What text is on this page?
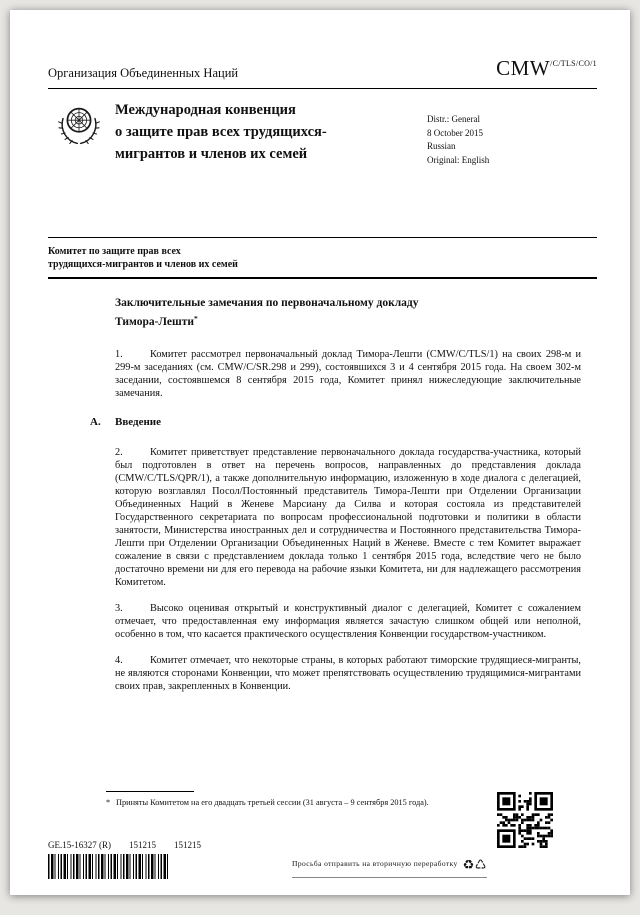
Организация Объединенных Наций	$CMW^{/C/TLS/CO/1}$
Международная конвенция
о защите прав всех трудящихся-
мигрантов и членов их семей
Distr.: General
8 October 2015
Russian
Original: English
Комитет по защите прав всех
трудящихся-мигрантов и членов их семей
Заключительные замечания по первоначальному докладу
Тимора-Лешти*

1.	Комитет рассмотрел первоначальный доклад Тимора-Лешти (CMW/C/TLS/1) на своих 298-м и 299-м заседаниях (см. CMW/C/SR.298 и 299), состоявшихся 3 и 4 сентября 2015 года. На своем 302-м заседании, состоявшемся 8 сентября 2015 года, Комитет принял нижеследующие заключительные замечания.

A. Введение

2.	Комитет приветствует представление первоначального доклада государства-участника, который был подготовлен в ответ на перечень вопросов, направленных до представления доклада (CMW/C/TLS/QPR/1), а также дополнительную информацию, изложенную в ходе диалога с делегацией, которую возглавлял Посол/Постоянный представитель Тимора-Лешти при Отделении Организации Объединенных Наций в Женеве Марсиану да Силва и которая состояла из представителей Государственного секретариата по вопросам профессиональной подготовки и политики в области занятости, Министерства иностранных дел и сотрудничества и Постоянного представительства Тимора-Лешти при Отделении Организации Объединенных Наций в Женеве. Вместе с тем Комитет выражает сожаление в связи с представлением доклада только 1 сентября 2015 года, вследствие чего не было достаточно времени ни для его перевода на рабочие языки Комитета, ни для надлежащего рассмотрения Комитетом.

3.	Высоко оценивая открытый и конструктивный диалог с делегацией, Комитет с сожалением отмечает, что предоставленная ему информация является зачастую слишком общей или неполной, особенно в том, что касается практического осуществления Конвенции государством-участником.

4.	Комитет отмечает, что некоторые страны, в которых работают тиморские трудящиеся-мигранты, не являются сторонами Конвенции, что может препятствовать осуществлению трудящимися-мигрантами своих прав, закрепленных в Конвенции.

* Приняты Комитетом на его двадцать третьей сессии (31 августа – 9 сентября 2015 года).
GE.15-16327 (R) 151215 151215
Просьба отправить на вторичную переработку ♻♺
